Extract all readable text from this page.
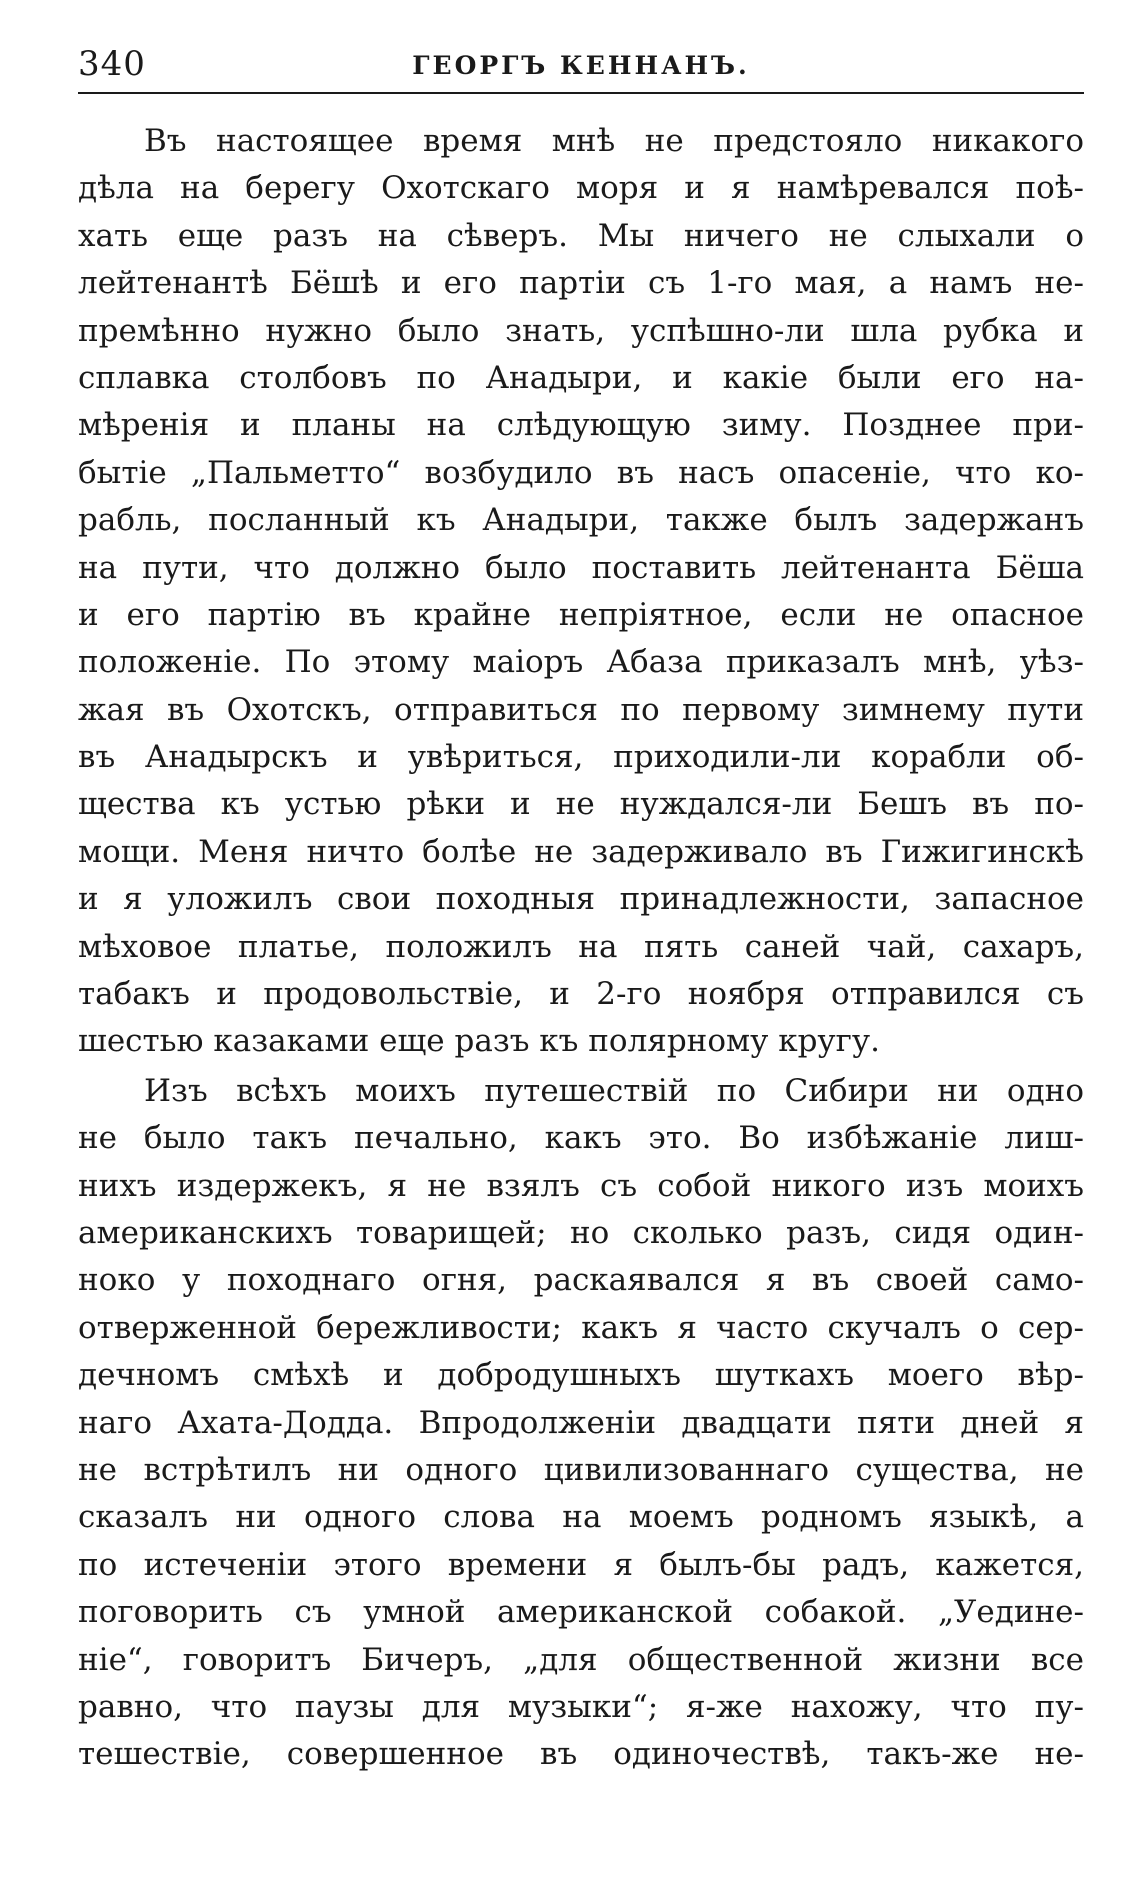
340	ГЕОРГЪ КЕННАНЪ.
Въ настоящее время мнѣ не предстояло никакого
дѣла на берегу Охотскаго моря и я намѣревался поѣ-
хать еще разъ на сѣверъ. Мы ничего не слыхали о
лейтенантѣ Бёшѣ и его партіи съ 1-го мая, а намъ не-
премѣнно нужно было знать, успѣшно-ли шла рубка и
сплавка столбовъ по Анадыри, и какіе были его на-
мѣренія и планы на слѣдующую зиму. Позднее при-
бытіе „Пальметто“ возбудило въ насъ опасеніе, что ко-
рабль, посланный къ Анадыри, также былъ задержанъ
на пути, что должно было поставить лейтенанта Бёша
и его партію въ крайне непріятное, если не опасное
положеніе. По этому маіоръ Абаза приказалъ мнѣ, уѣз-
жая въ Охотскъ, отправиться по первому зимнему пути
въ Анадырскъ и увѣриться, приходили-ли корабли об-
щества къ устью рѣки и не нуждался-ли Бешъ въ по-
мощи. Меня ничто болѣе не задерживало въ Гижигинскѣ
и я уложилъ свои походныя принадлежности, запасное
мѣховое платье, положилъ на пять саней чай, сахаръ,
табакъ и продовольствіе, и 2-го ноября отправился съ
шестью казаками еще разъ къ полярному кругу.
Изъ всѣхъ моихъ путешествій по Сибири ни одно
не было такъ печально, какъ это. Во избѣжаніе лиш-
нихъ издержекъ, я не взялъ съ собой никого изъ моихъ
американскихъ товарищей; но сколько разъ, сидя один-
ноко у походнаго огня, раскаявался я въ своей само-
отверженной бережливости; какъ я часто скучалъ о сер-
дечномъ смѣхѣ и добродушныхъ шуткахъ моего вѣр-
наго Ахата-Додда. Впродолженіи двадцати пяти дней я
не встрѣтилъ ни одного цивилизованнаго существа, не
сказалъ ни одного слова на моемъ родномъ языкѣ, а
по истеченіи этого времени я былъ-бы радъ, кажется,
поговорить съ умной американской собакой. „Уедине-
ніе“, говоритъ Бичеръ, „для общественной жизни все
равно, что паузы для музыки“; я-же нахожу, что пу-
тешествіе, совершенное въ одиночествѣ, такъ-же не-
